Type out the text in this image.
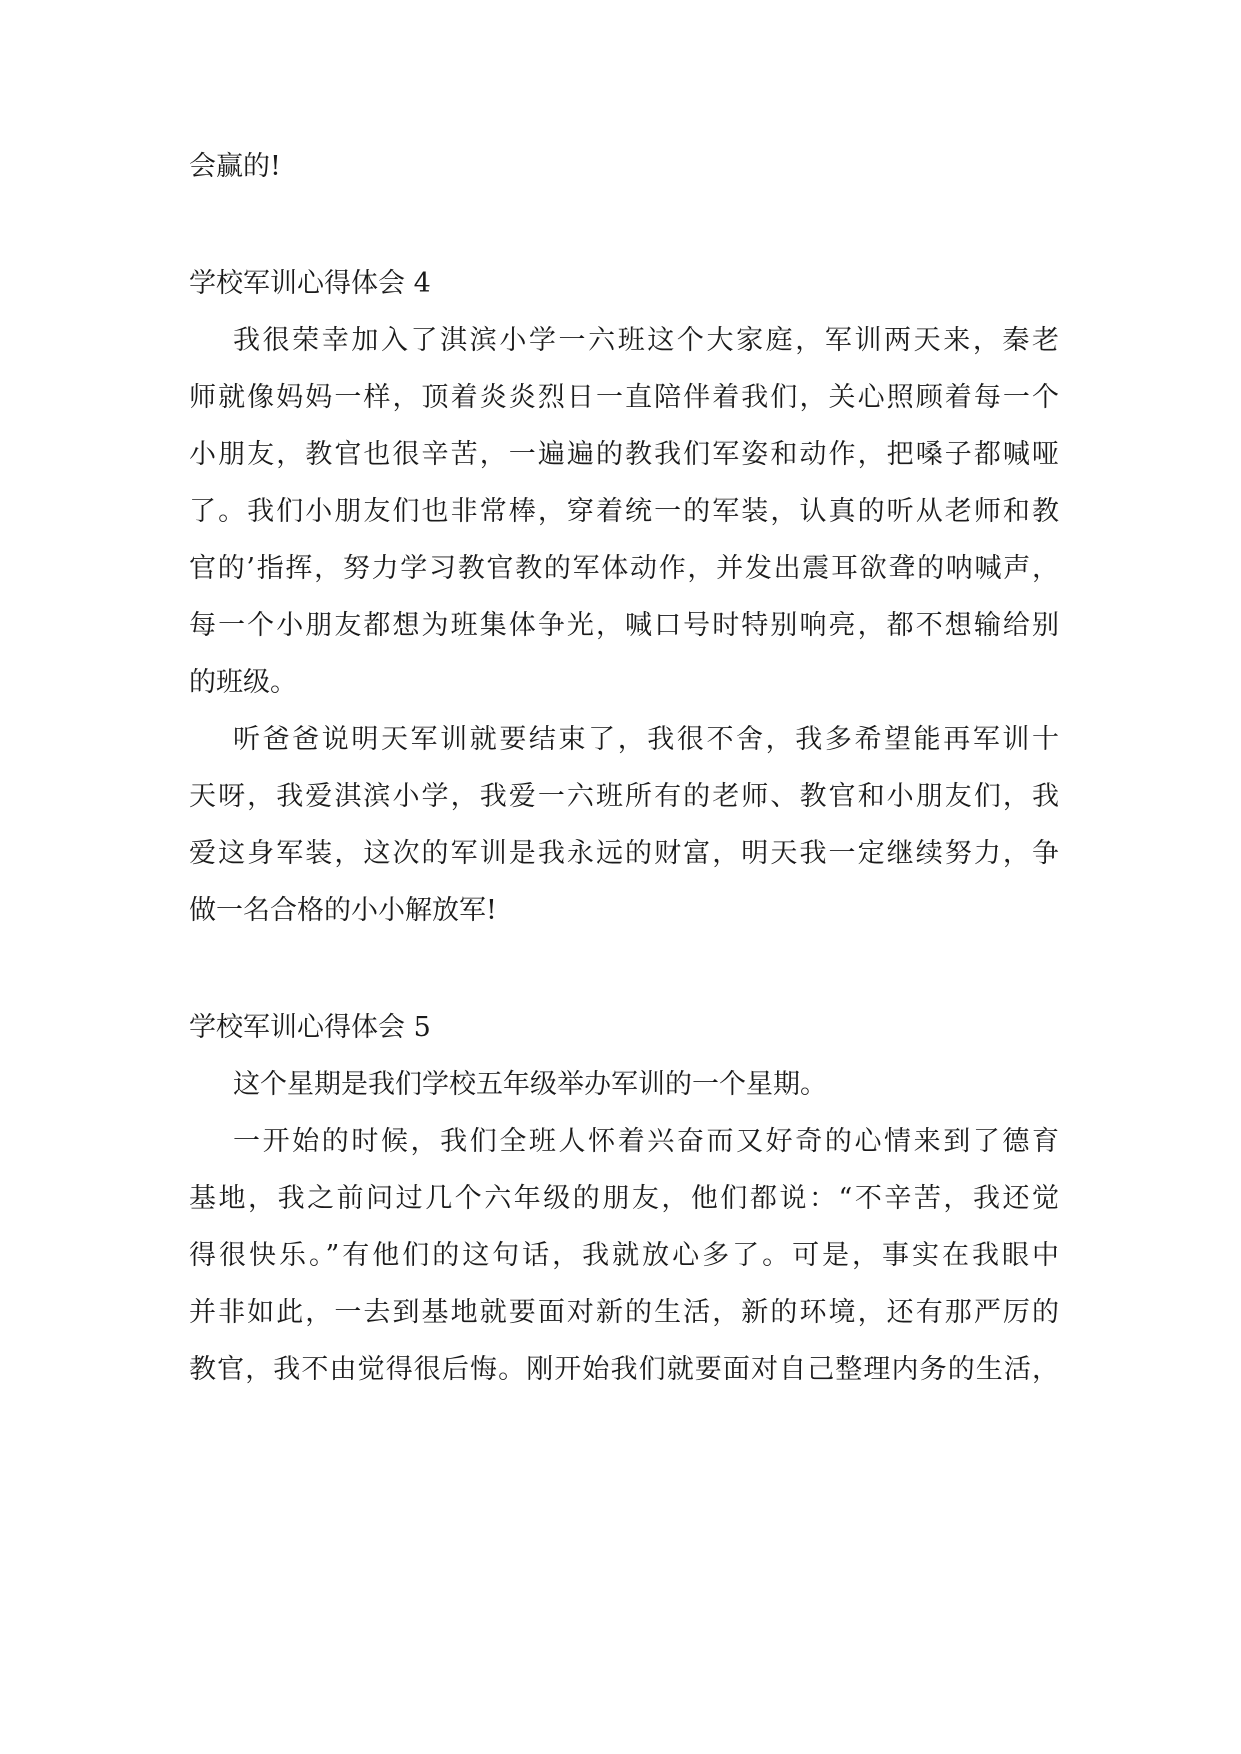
会赢的!
学校军训心得体会 4
我很荣幸加入了淇滨小学一六班这个大家庭，军训两天来，秦老
师就像妈妈一样，顶着炎炎烈日一直陪伴着我们，关心照顾着每一个
小朋友，教官也很辛苦，一遍遍的教我们军姿和动作，把嗓子都喊哑
了。我们小朋友们也非常棒，穿着统一的军装，认真的听从老师和教
官的’指挥，努力学习教官教的军体动作，并发出震耳欲聋的呐喊声，
每一个小朋友都想为班集体争光，喊口号时特别响亮，都不想输给别
的班级。
听爸爸说明天军训就要结束了，我很不舍，我多希望能再军训十
天呀，我爱淇滨小学，我爱一六班所有的老师、教官和小朋友们，我
爱这身军装，这次的军训是我永远的财富，明天我一定继续努力，争
做一名合格的小小解放军!
学校军训心得体会 5
这个星期是我们学校五年级举办军训的一个星期。
一开始的时候，我们全班人怀着兴奋而又好奇的心情来到了德育
基地，我之前问过几个六年级的朋友，他们都说：“不辛苦，我还觉
得很快乐。”有他们的这句话，我就放心多了。可是，事实在我眼中
并非如此，一去到基地就要面对新的生活，新的环境，还有那严厉的
教官，我不由觉得很后悔。刚开始我们就要面对自己整理内务的生活，
